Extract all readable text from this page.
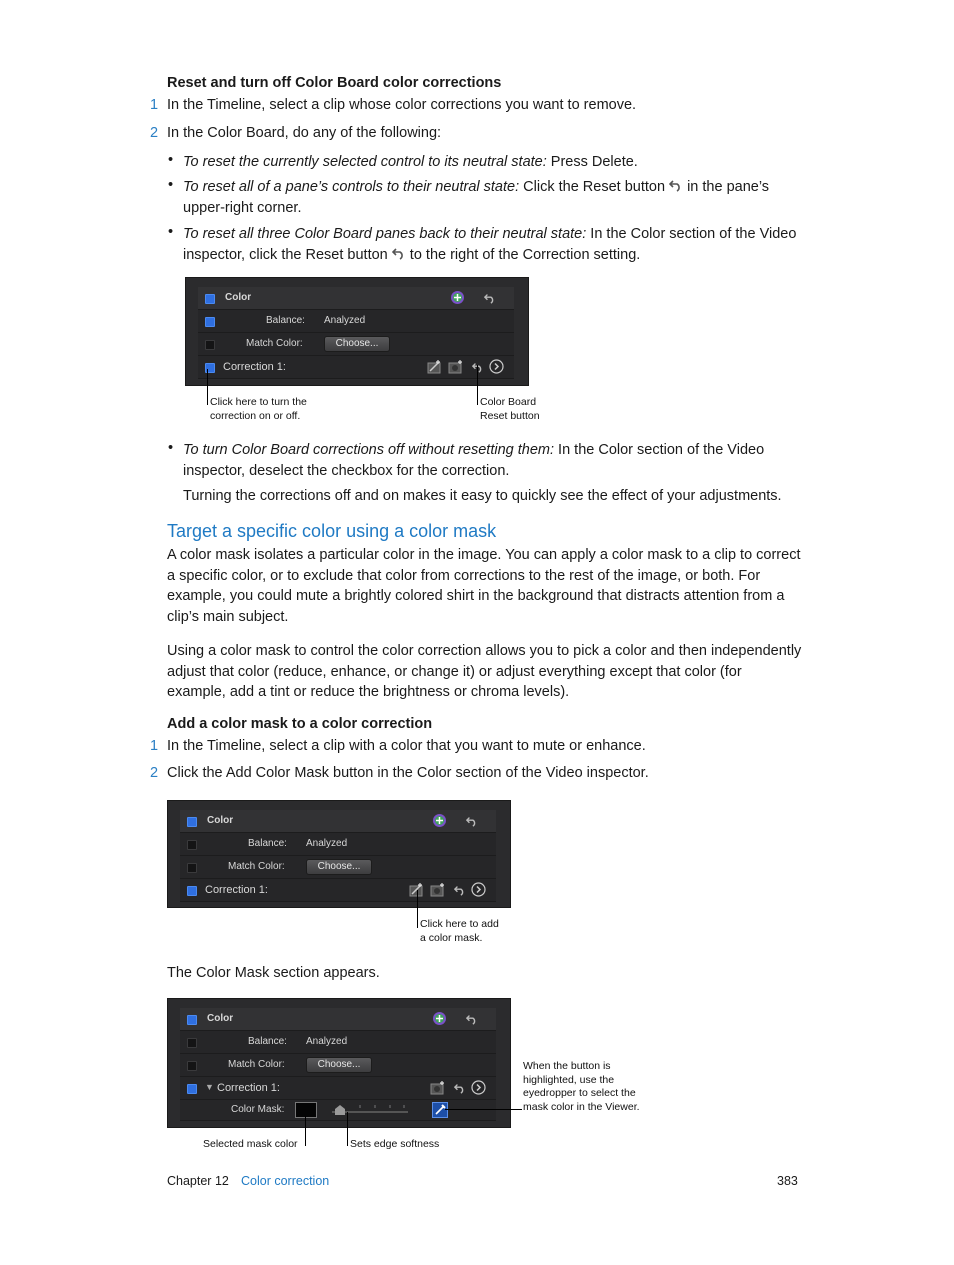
Reset and turn off Color Board color corrections
1 In the Timeline, select a clip whose color corrections you want to remove.
2 In the Color Board, do any of the following:
• To reset the currently selected control to its neutral state: Press Delete.
• To reset all of a pane’s controls to their neutral state: Click the Reset button  in the pane’s upper-right corner.
• To reset all three Color Board panes back to their neutral state: In the Color section of the Video inspector, click the Reset button  to the right of the Correction setting.
Color
Balance: Analyzed
Match Color:	Choose...
Correction 1:
Click here to turn the
correction on or off.
Color Board
Reset button
• To turn Color Board corrections off without resetting them: In the Color section of the Video inspector, deselect the checkbox for the correction.
Turning the corrections off and on makes it easy to quickly see the effect of your adjustments.
Target a specific color using a color mask
A color mask isolates a particular color in the image. You can apply a color mask to a clip to correct a specific color, or to exclude that color from corrections to the rest of the image, or both. For example, you could mute a brightly colored shirt in the background that distracts attention from a clip’s main subject.
Using a color mask to control the color correction allows you to pick a color and then independently adjust that color (reduce, enhance, or change it) or adjust everything except that color (for example, add a tint or reduce the brightness or chroma levels).
Add a color mask to a color correction
1 In the Timeline, select a clip with a color that you want to mute or enhance.
2 Click the Add Color Mask button in the Color section of the Video inspector.
Color
Balance: Analyzed
Match Color:	Choose...
Correction 1:
Click here to add
a color mask.
The Color Mask section appears.
Color
Balance: Analyzed
Match Color:	Choose...
▼ Correction 1:
Color Mask:
When the button is
highlighted, use the
eyedropper to select the
mask color in the Viewer.
Selected mask color	Sets edge softness
Chapter 12 Color correction	383
